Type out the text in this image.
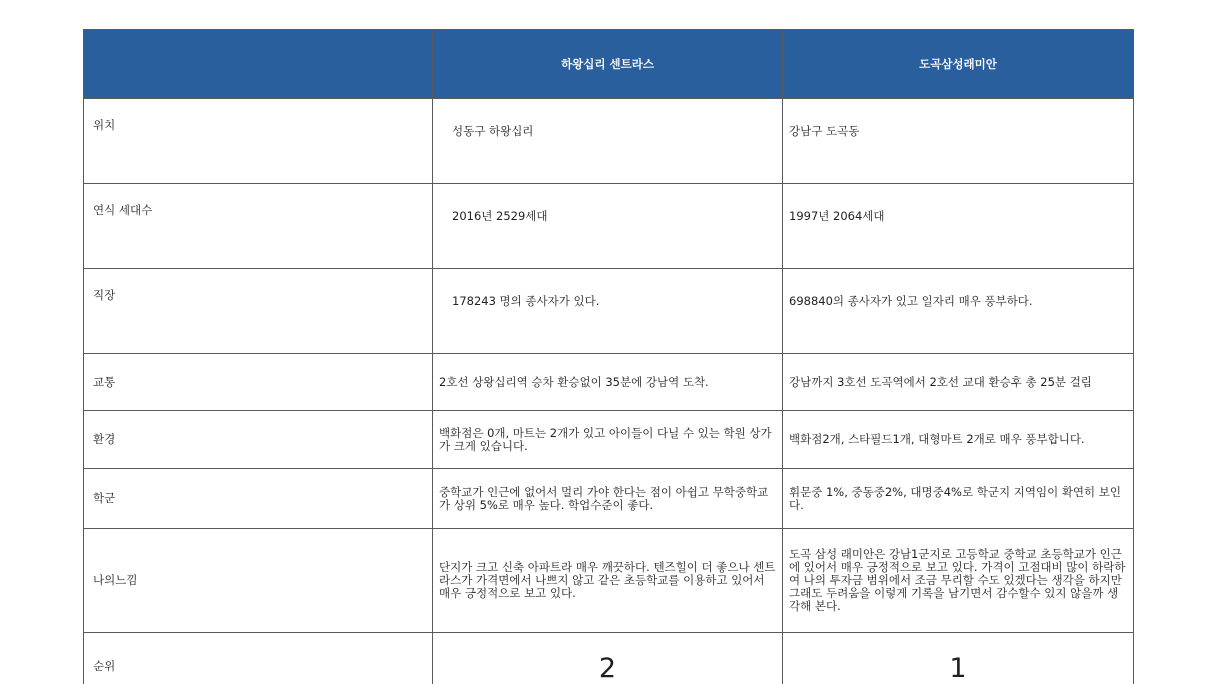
	하왕십리 센트라스	도곡삼성래미안
위치	성동구 하왕십리	강남구 도곡동
연식 세대수	2016년 2529세대	1997년 2064세대
직장	178243 명의 종사자가 있다.	698840의 종사자가 있고 일자리 매우 풍부하다.
교통	2호선 상왕십리역 승차 환승없이 35분에 강남역 도착.	강남까지 3호선 도곡역에서 2호선 교대 환승후 총 25분 걸림
환경	백화점은 0개, 마트는 2개가 있고 아이들이 다닐 수 있는 학원 상가가 크게 있습니다.	백화점2개, 스타필드1개, 대형마트 2개로 매우 풍부합니다.
학군	중학교가 인근에 없어서 멀리 가야 한다는 점이 아쉽고 무학중학교가 상위 5%로 매우 높다. 학업수준이 좋다.	휘문중 1%, 중동중2%, 대명중4%로 학군지 지역임이 확연히 보인다.
나의느낌	단지가 크고 신축 아파트라 매우 깨끗하다. 텐즈힐이 더 좋으나 센트라스가 가격면에서 나쁘지 않고 같은 초등학교를 이용하고 있어서 매우 긍정적으로 보고 있다.	도곡 삼성 래미안은 강남1군지로 고등학교 중학교 초등학교가 인근에 있어서 매우 긍정적으로 보고 있다. 가격이 고점대비 많이 하락하여 나의 투자금 범위에서 조금 무리할 수도 있겠다는 생각을 하지만 그래도 두려움을 이렇게 기록을 남기면서 감수할수 있지 않을까 생각해 본다.
순위	2	1
